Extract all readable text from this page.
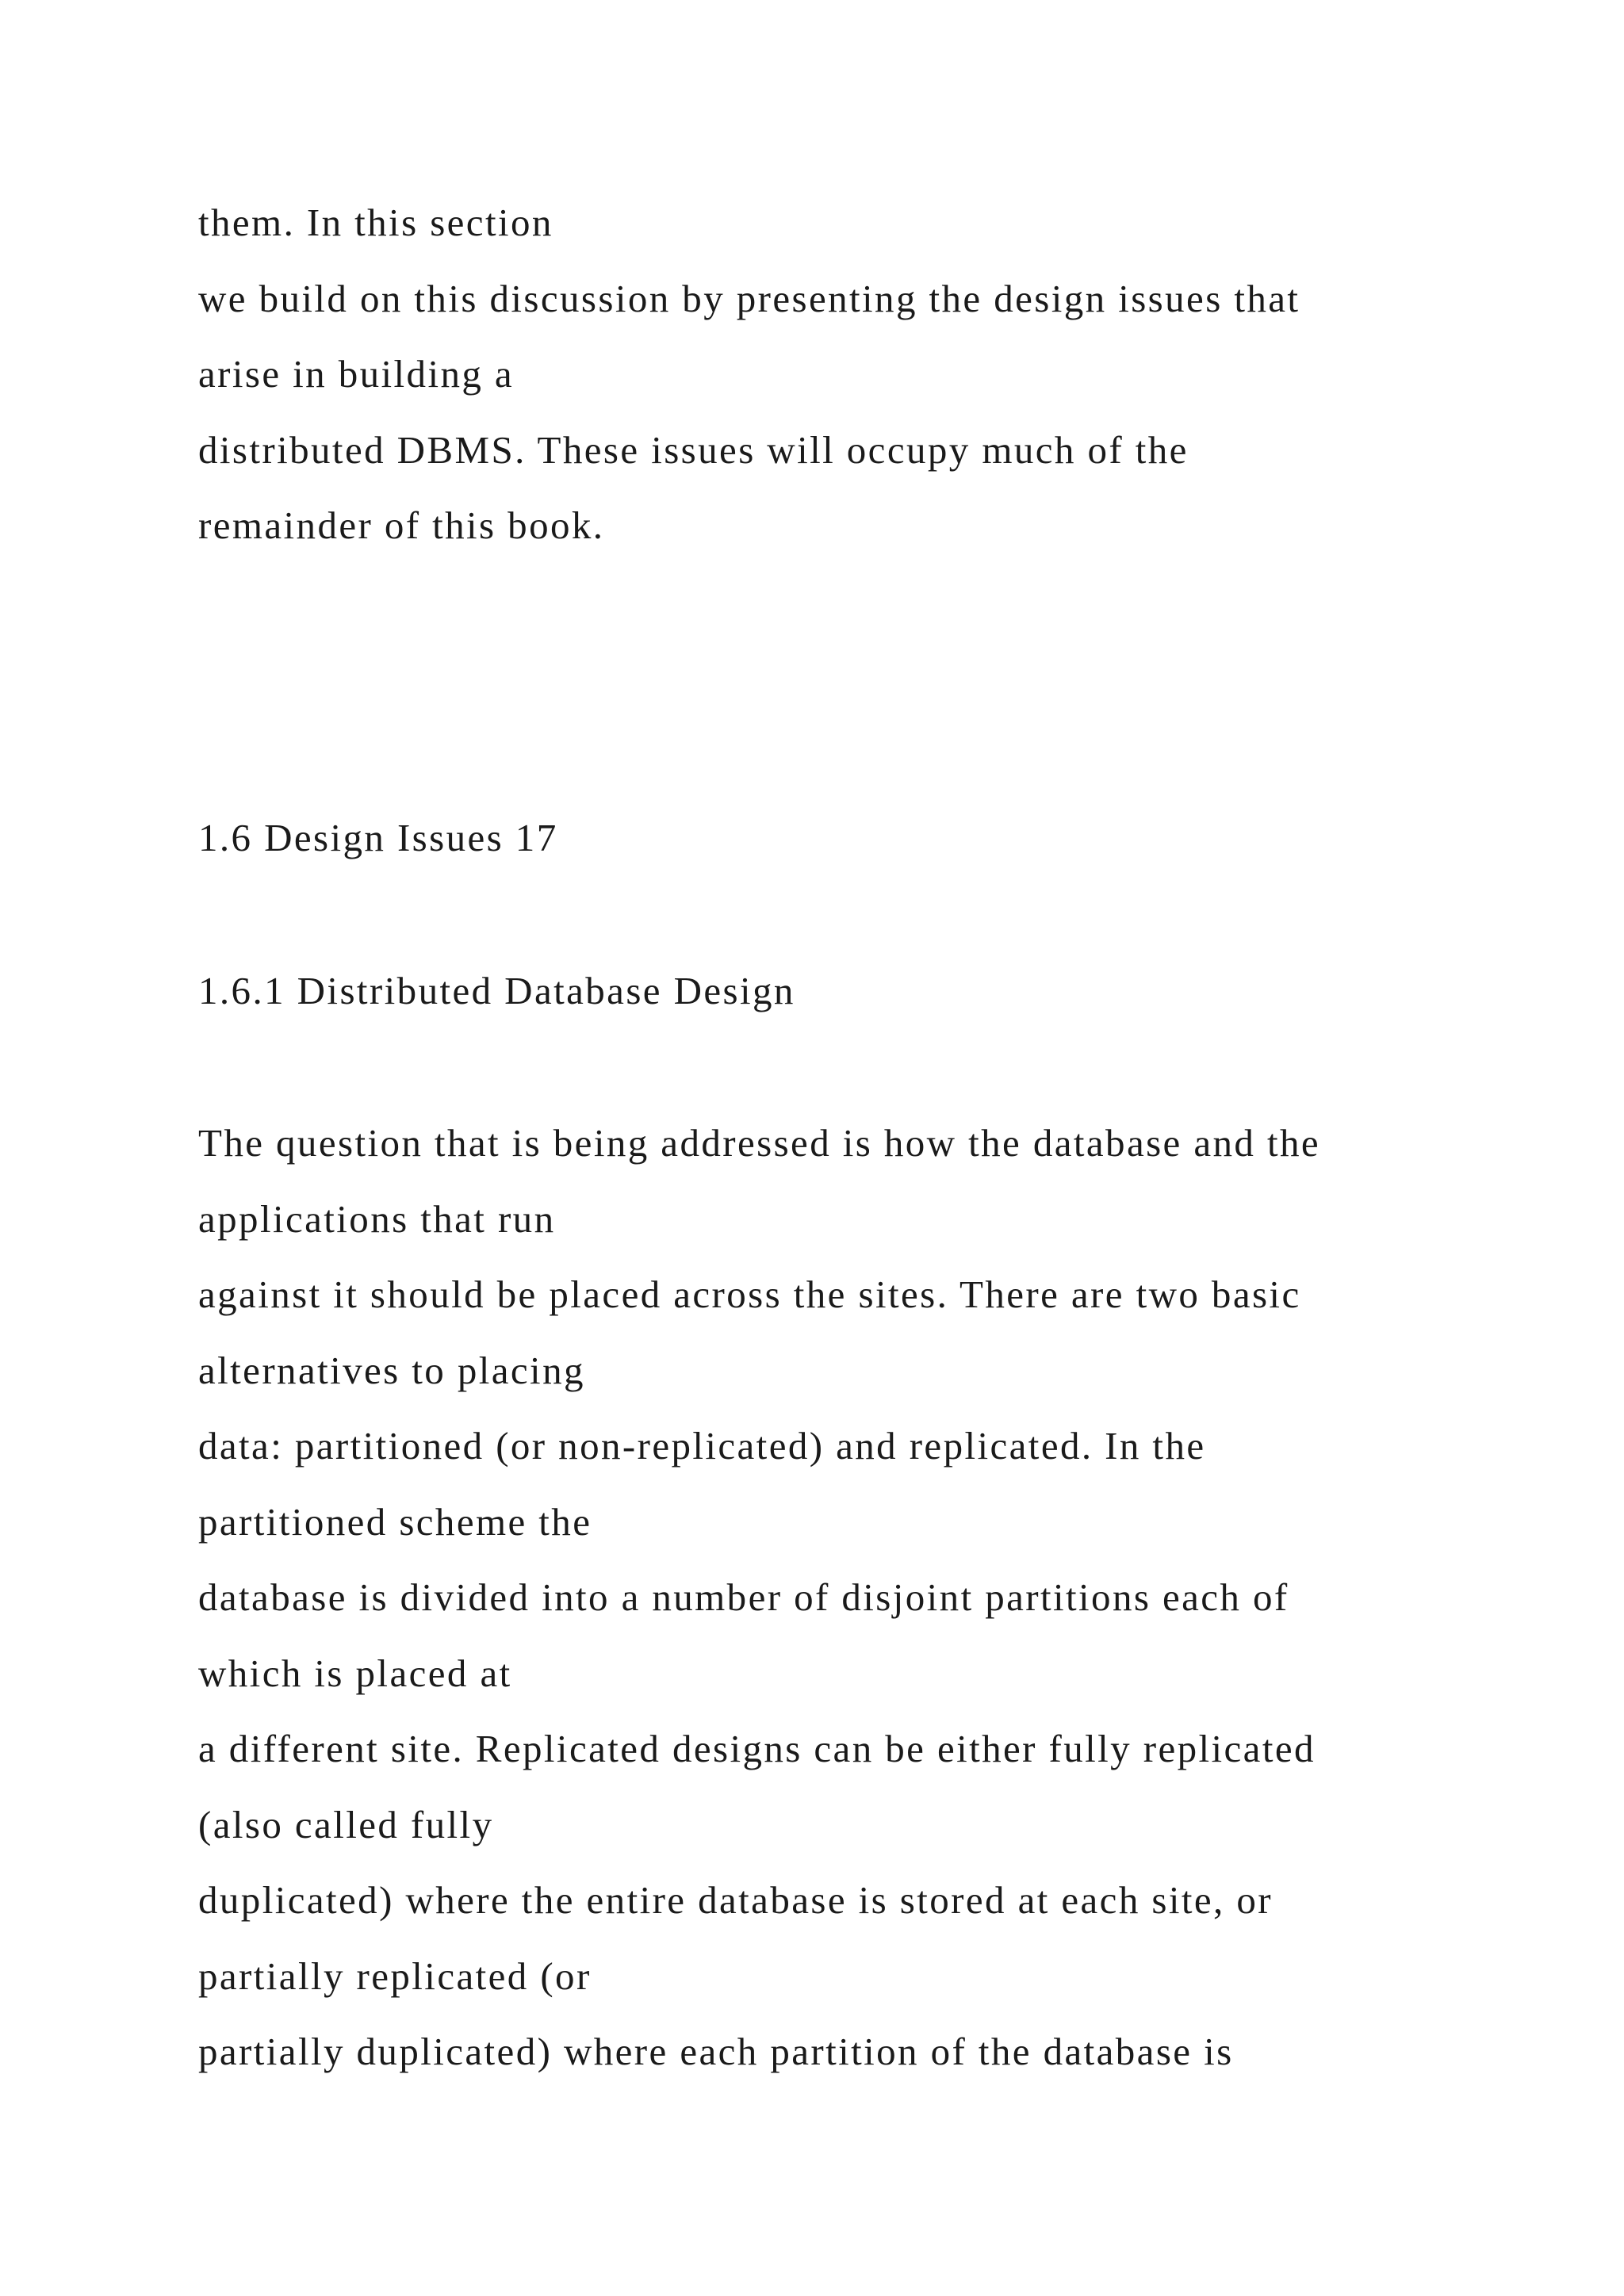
them. In this section
we build on this discussion by presenting the design issues that
arise in building a
distributed DBMS. These issues will occupy much of the
remainder of this book.
1.6 Design Issues 17
1.6.1 Distributed Database Design
The question that is being addressed is how the database and the
applications that run
against it should be placed across the sites. There are two basic
alternatives to placing
data: partitioned (or non-replicated) and replicated. In the
partitioned scheme the
database is divided into a number of disjoint partitions each of
which is placed at
a different site. Replicated designs can be either fully replicated
(also called fully
duplicated) where the entire database is stored at each site, or
partially replicated (or
partially duplicated) where each partition of the database is
